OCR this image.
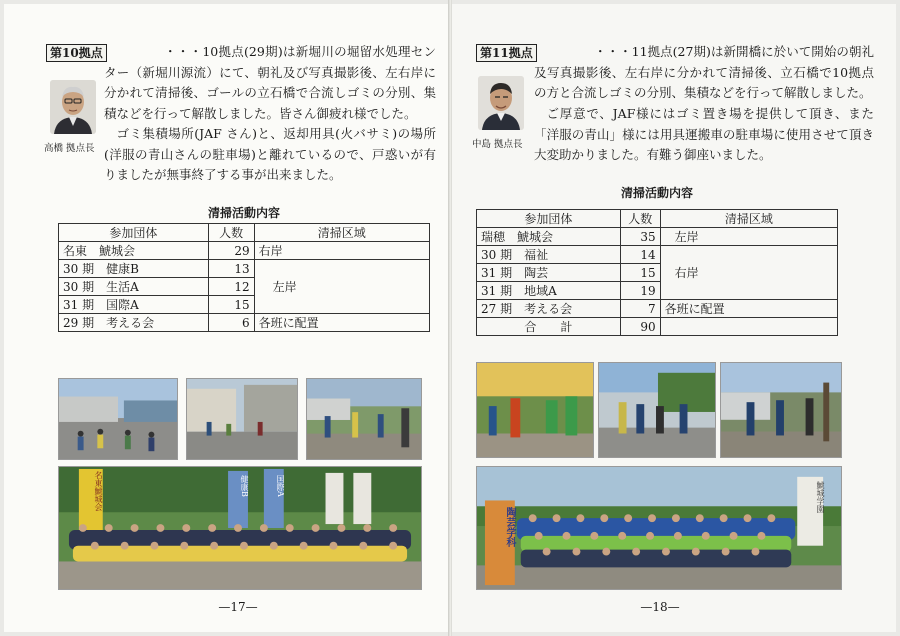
第10拠点
高橋 拠点長
・・・10拠点(29期)は新堀川の堀留水処理センター（新堀川源流）にて、朝礼及び写真撮影後、左右岸に分かれて清掃後、ゴールの立石橋で合流しゴミの分別、集積などを行って解散しました。皆さん御疲れ様でした。
ゴミ集積場所(JAF さん)と、返却用具(火バサミ)の場所(洋服の青山さんの駐車場)と離れているので、戸惑いが有りましたが無事終了する事が出来ました。
清掃活動内容
参加団体	人数	清掃区域
名東　鯱城会	29	右岸
30 期　健康B	13	左岸
30 期　生活A	12	
31 期　国際A	15	
29 期　考える会	6	各班に配置
名東鯱城会	健康B	国際A
—17—
第11拠点
中島 拠点長
・・・11拠点(27期)は新開橋に於いて開始の朝礼及写真撮影後、左右岸に分かれて清掃後、立石橋で10拠点の方と合流しゴミの分別、集積などを行って解散しました。
ご厚意で、JAF様にはゴミ置き場を提供して頂き、また「洋服の青山」様には用具運搬車の駐車場に使用させて頂き大変助かりました。有難う御座いました。
清掃活動内容
参加団体	人数	清掃区域
瑞穂　鯱城会	35	左岸
30 期　福祉	14	右岸
31 期　陶芸	15	
31 期　地域A	19	
27 期　考える会	7	各班に配置
合　　計	90	
陶芸学科
鯱城学園
—18—
